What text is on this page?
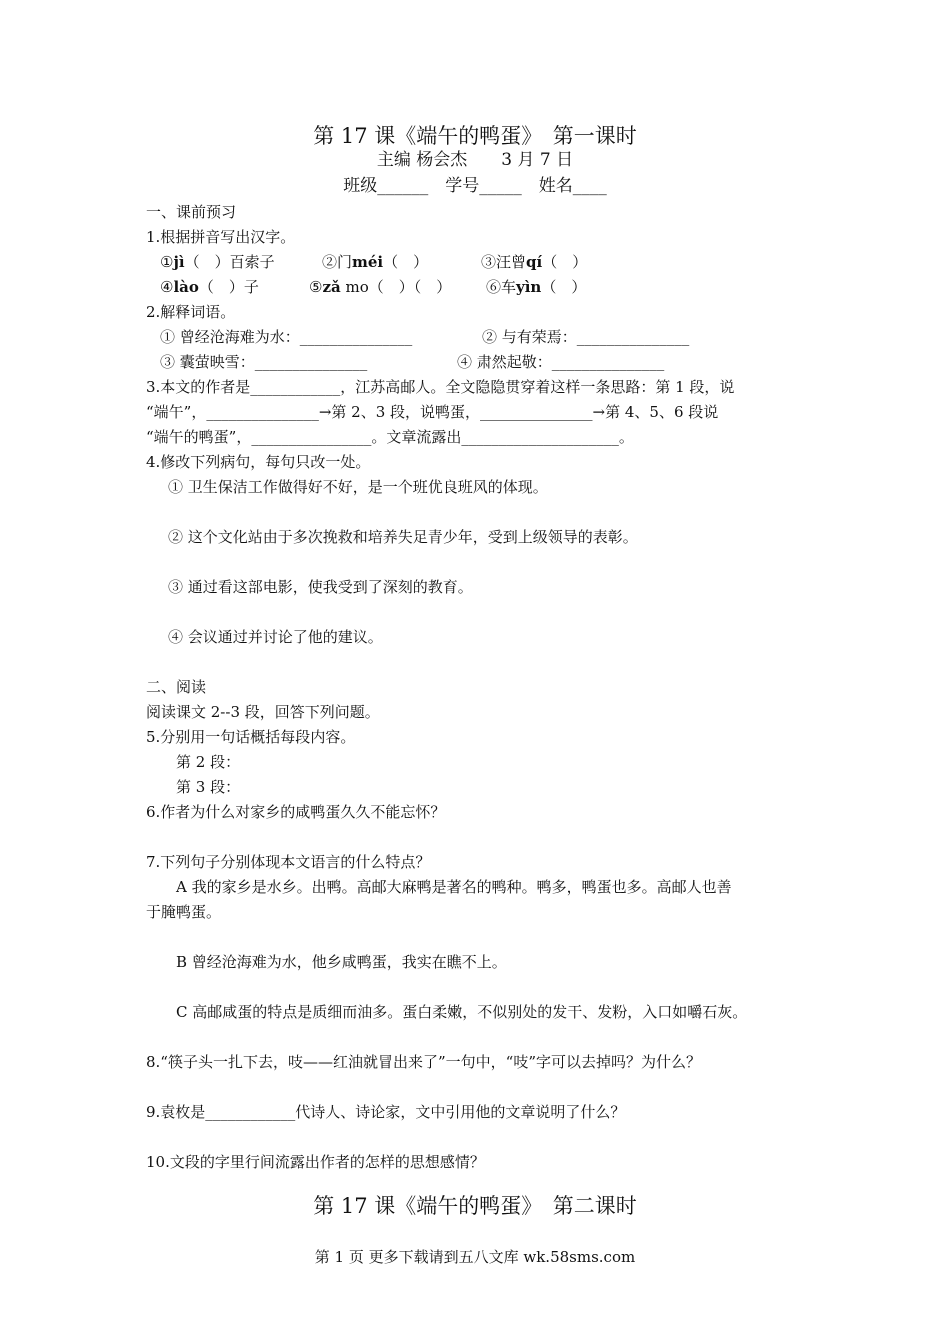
第 17 课《端午的鸭蛋》　第一课时
主编 杨会杰　　3 月 7 日
班级______　学号_____　姓名____
一、课前预习
1.根据拼音写出汉字。
①jì（　）百索子	②门méi（　）	③汪曾qí（　）
④lào（　）子	⑤zǎ mo（　）（　） ⑥车yìn（　）
2.解释词语。
① 曾经沧海难为水：_______________	② 与有荣焉：_______________
③ 囊萤映雪：_______________	④ 肃然起敬：_______________
3.本文的作者是____________，江苏高邮人。全文隐隐贯穿着这样一条思路：第 1 段，说
“端午”，_______________→第 2、3 段，说鸭蛋，_______________→第 4、5、6 段说
“端午的鸭蛋”，________________。文章流露出_____________________。
4.修改下列病句，每句只改一处。
① 卫生保洁工作做得好不好，是一个班优良班风的体现。
② 这个文化站由于多次挽救和培养失足青少年，受到上级领导的表彰。
③ 通过看这部电影，使我受到了深刻的教育。
④ 会议通过并讨论了他的建议。
二、阅读
阅读课文 2--3 段，回答下列问题。
5.分别用一句话概括每段内容。
第 2 段：
第 3 段：
6.作者为什么对家乡的咸鸭蛋久久不能忘怀？
7.下列句子分别体现本文语言的什么特点？
A 我的家乡是水乡。出鸭。高邮大麻鸭是著名的鸭种。鸭多，鸭蛋也多。高邮人也善
于腌鸭蛋。
B 曾经沧海难为水，他乡咸鸭蛋，我实在瞧不上。
C 高邮咸蛋的特点是质细而油多。蛋白柔嫩，不似别处的发干、发粉，入口如嚼石灰。
8.“筷子头一扎下去，吱——红油就冒出来了”一句中，“吱”字可以去掉吗？为什么？
9.袁枚是____________代诗人、诗论家，文中引用他的文章说明了什么？
10.文段的字里行间流露出作者的怎样的思想感情？
第 17 课《端午的鸭蛋》　第二课时
第 1 页 更多下载请到五八文库 wk.58sms.com
